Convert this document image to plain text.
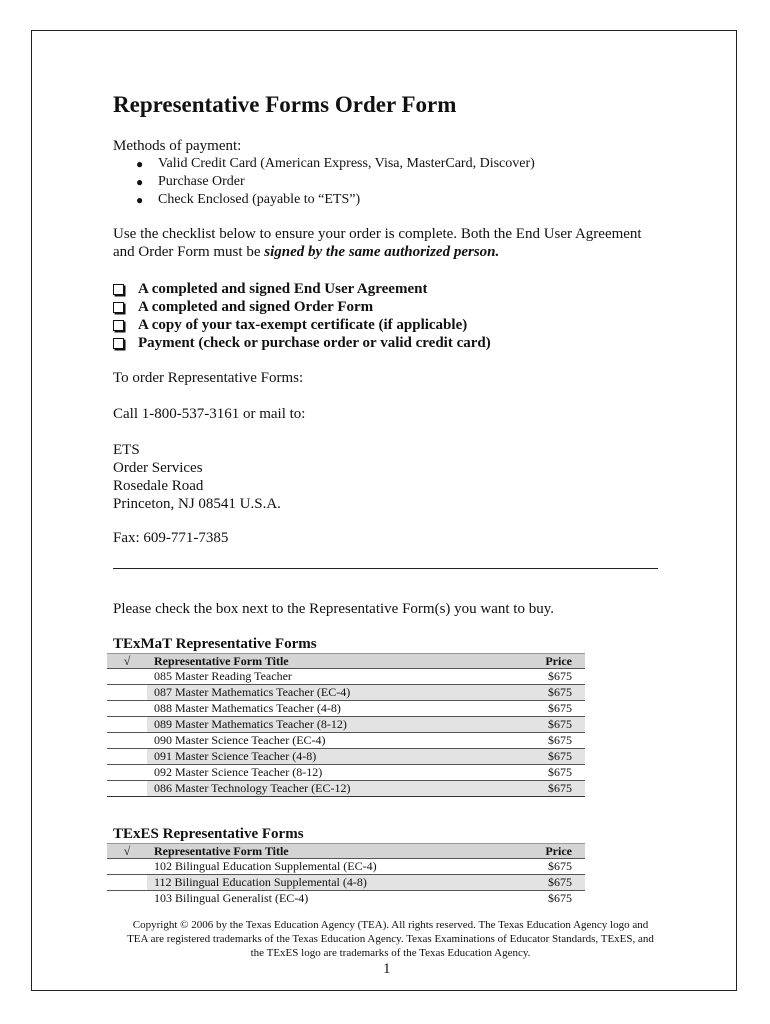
Representative Forms Order Form
Methods of payment:
● Valid Credit Card (American Express, Visa, MasterCard, Discover)
● Purchase Order
● Check Enclosed (payable to “ETS”)
Use the checklist below to ensure your order is complete. Both the End User Agreement
and Order Form must be signed by the same authorized person.
A completed and signed End User Agreement
A completed and signed Order Form
A copy of your tax-exempt certificate (if applicable)
Payment (check or purchase order or valid credit card)
To order Representative Forms:
Call 1-800-537-3161 or mail to:
ETS
Order Services
Rosedale Road
Princeton, NJ 08541 U.S.A.
Fax: 609-771-7385
Please check the box next to the Representative Form(s) you want to buy.
TExMaT Representative Forms
√	Representative Form Title	Price
085 Master Reading Teacher	$675
087 Master Mathematics Teacher (EC-4)	$675
088 Master Mathematics Teacher (4-8)	$675
089 Master Mathematics Teacher (8-12)	$675
090 Master Science Teacher (EC-4)	$675
091 Master Science Teacher (4-8)	$675
092 Master Science Teacher (8-12)	$675
086 Master Technology Teacher (EC-12)	$675
TExES Representative Forms
√	Representative Form Title	Price
102 Bilingual Education Supplemental (EC-4)	$675
112 Bilingual Education Supplemental (4-8)	$675
103 Bilingual Generalist (EC-4)	$675
Copyright © 2006 by the Texas Education Agency (TEA). All rights reserved. The Texas Education Agency logo and
TEA are registered trademarks of the Texas Education Agency. Texas Examinations of Educator Standards, TExES, and
the TExES logo are trademarks of the Texas Education Agency.
1
